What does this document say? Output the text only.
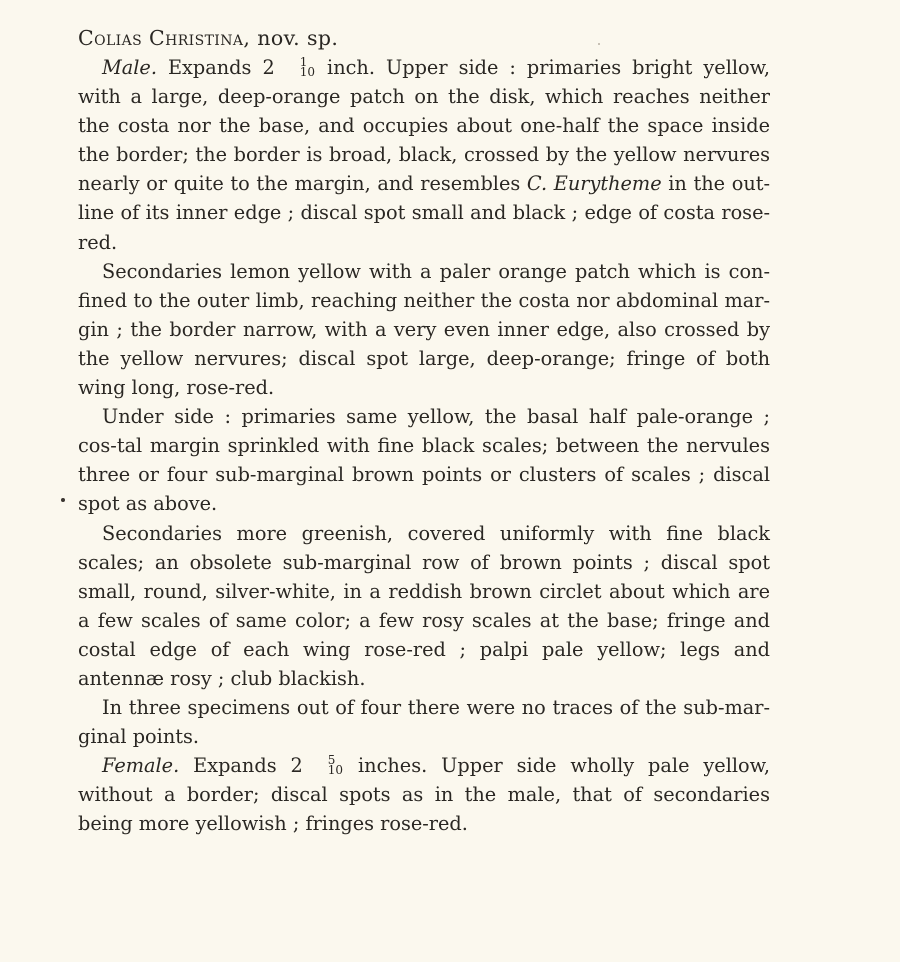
Colias Christina, nov. sp.

Male. Expands 2	1
10 inch. Upper side : primaries bright yellow, with a large, deep-orange patch on the disk, which reaches neither the costa nor the base, and occupies about one-half the space inside the border; the border is broad, black, crossed by the yellow nervures nearly or quite to the margin, and resembles C. Eurytheme in the out-line of its inner edge ; discal spot small and black ; edge of costa rose-red.

Secondaries lemon yellow with a paler orange patch which is con-fined to the outer limb, reaching neither the costa nor abdominal mar-gin ; the border narrow, with a very even inner edge, also crossed by the yellow nervures; discal spot large, deep-orange; fringe of both wing long, rose-red.

Under side : primaries same yellow, the basal half pale-orange ; cos-tal margin sprinkled with fine black scales; between the nervules three or four sub-marginal brown points or clusters of scales ; discal spot as above.

Secondaries more greenish, covered uniformly with fine black scales; an obsolete sub-marginal row of brown points ; discal spot small, round, silver-white, in a reddish brown circlet about which are a few scales of same color; a few rosy scales at the base; fringe and costal edge of each wing rose-red ; palpi pale yellow; legs and antennæ rosy ; club blackish.

In three specimens out of four there were no traces of the sub-mar-ginal points.

Female. Expands 2	5
10 inches. Upper side wholly pale yellow, without a border; discal spots as in the male, that of secondaries being more yellowish ; fringes rose-red.
